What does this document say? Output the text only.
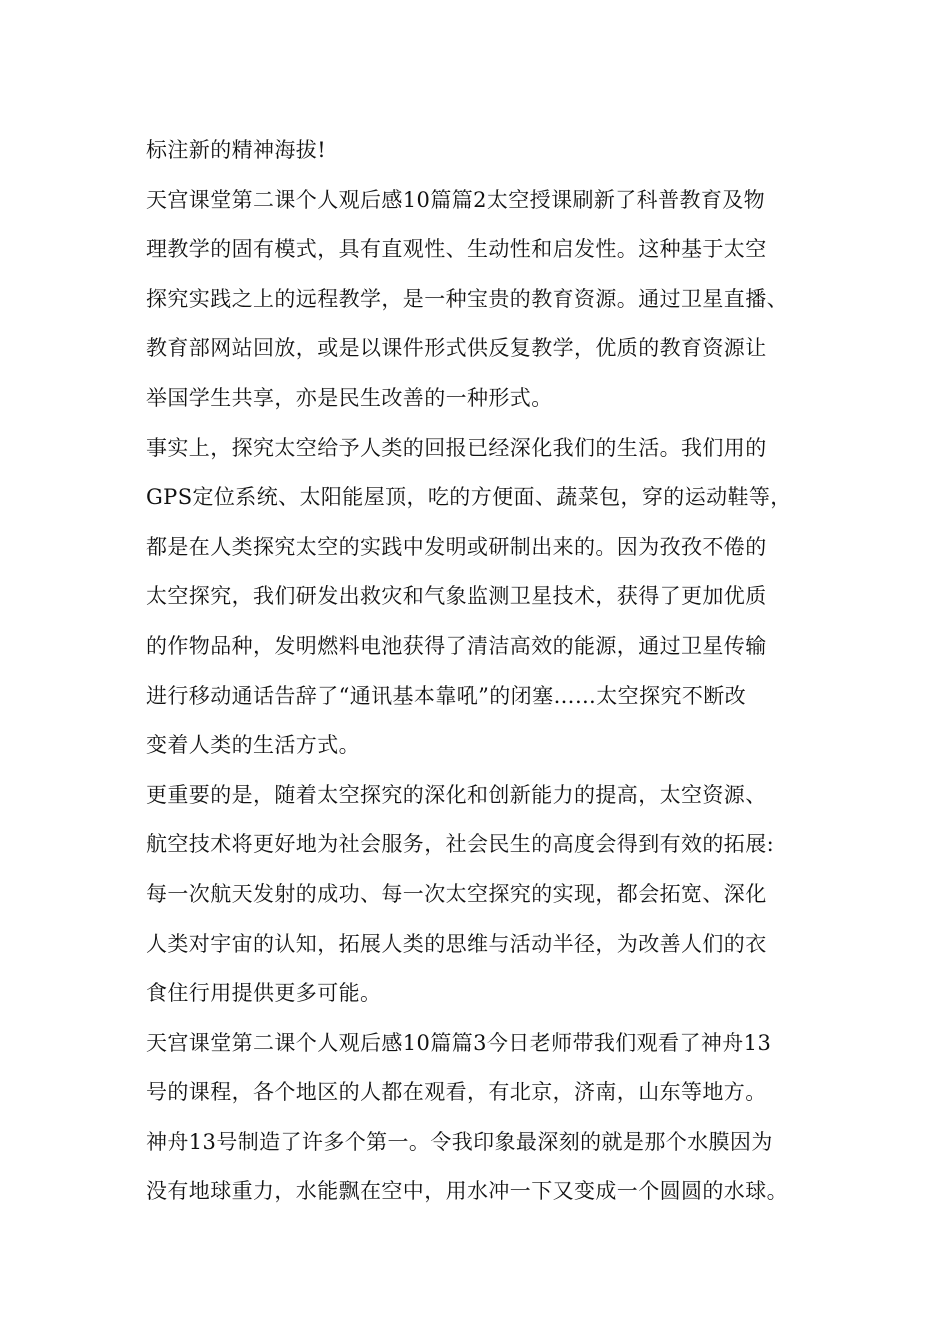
标注新的精神海拔!
天宫课堂第二课个人观后感10篇篇2太空授课刷新了科普教育及物
理教学的固有模式，具有直观性、生动性和启发性。这种基于太空
探究实践之上的远程教学，是一种宝贵的教育资源。通过卫星直播、
教育部网站回放，或是以课件形式供反复教学，优质的教育资源让
举国学生共享，亦是民生改善的一种形式。
事实上，探究太空给予人类的回报已经深化我们的生活。我们用的
GPS定位系统、太阳能屋顶，吃的方便面、蔬菜包，穿的运动鞋等，
都是在人类探究太空的实践中发明或研制出来的。因为孜孜不倦的
太空探究，我们研发出救灾和气象监测卫星技术，获得了更加优质
的作物品种，发明燃料电池获得了清洁高效的能源，通过卫星传输
进行移动通话告辞了“通讯基本靠吼”的闭塞……太空探究不断改
变着人类的生活方式。
更重要的是，随着太空探究的深化和创新能力的提高，太空资源、
航空技术将更好地为社会服务，社会民生的高度会得到有效的拓展:
每一次航天发射的成功、每一次太空探究的实现，都会拓宽、深化
人类对宇宙的认知，拓展人类的思维与活动半径，为改善人们的衣
食住行用提供更多可能。
天宫课堂第二课个人观后感10篇篇3今日老师带我们观看了神舟13
号的课程，各个地区的人都在观看，有北京，济南，山东等地方。
神舟13号制造了许多个第一。令我印象最深刻的就是那个水膜因为
没有地球重力，水能飘在空中，用水冲一下又变成一个圆圆的水球。
